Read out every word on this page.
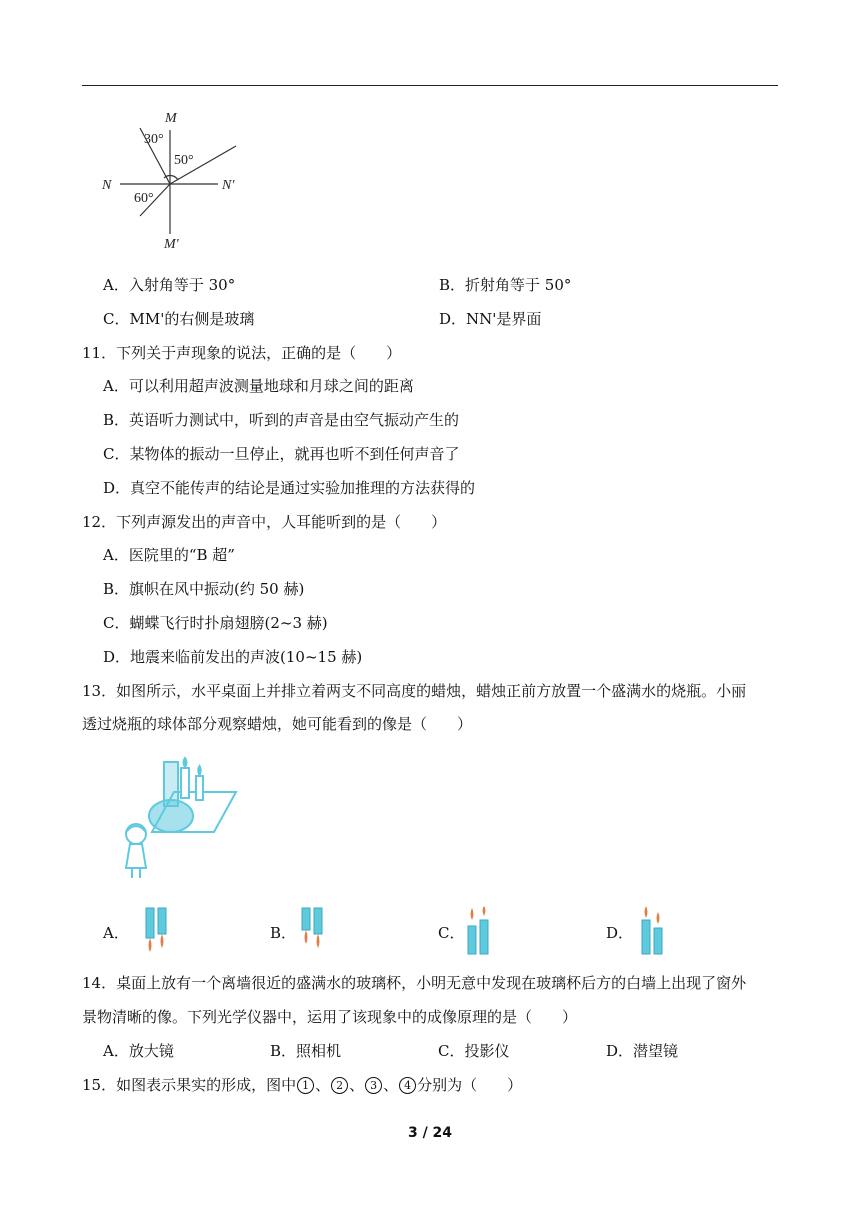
M
30°
50°
N	N′
60°
M′
A．入射角等于 30°	B．折射角等于 50°
C．MM'的右侧是玻璃	D．NN'是界面
11．下列关于声现象的说法，正确的是（　　）
A．可以利用超声波测量地球和月球之间的距离
B．英语听力测试中，听到的声音是由空气振动产生的
C．某物体的振动一旦停止，就再也听不到任何声音了
D．真空不能传声的结论是通过实验加推理的方法获得的
12．下列声源发出的声音中，人耳能听到的是（　　）
A．医院里的“B 超”
B．旗帜在风中振动(约 50 赫)
C．蝴蝶飞行时扑扇翅膀(2~3 赫)
D．地震来临前发出的声波(10~15 赫)
13．如图所示，水平桌面上并排立着两支不同高度的蜡烛，蜡烛正前方放置一个盛满水的烧瓶。小丽
透过烧瓶的球体部分观察蜡烛，她可能看到的像是（　　）
A．	B．	C．	D．
14．桌面上放有一个离墙很近的盛满水的玻璃杯，小明无意中发现在玻璃杯后方的白墙上出现了窗外
景物清晰的像。下列光学仪器中，运用了该现象中的成像原理的是（　　）
A．放大镜	B．照相机	C．投影仪	D．潜望镜
15．如图表示果实的形成，图中 1 、 2 、 3 、 4 分别为（　　）
3 / 24
